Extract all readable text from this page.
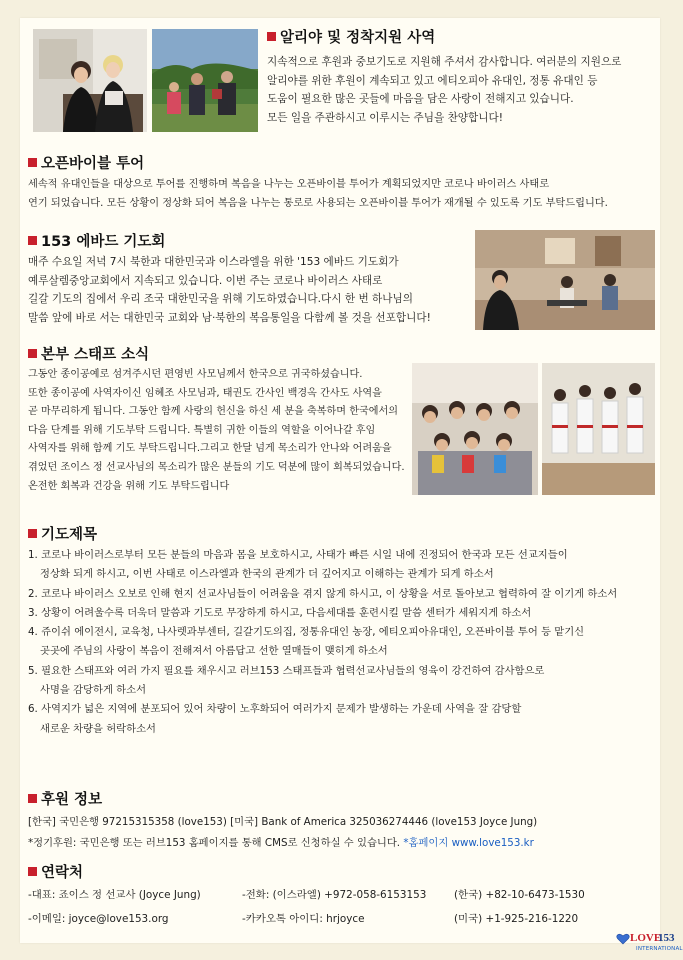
알리야 및 정착지원 사역
지속적으로 후원과 중보기도로 지원해 주셔서 감사합니다. 여러분의 지원으로
알리야를 위한 후원이 계속되고 있고 에티오피아 유대인, 정통 유대인 등
도움이 필요한 많은 곳들에 마음을 담은 사랑이 전해지고 있습니다.
모든 일을 주관하시고 이루시는 주님을 찬양합니다!
오픈바이블 투어
세속적 유대인들을 대상으로 투어를 진행하며 복음을 나누는 오픈바이블 투어가 계획되었지만 코로나 바이러스 사태로
연기 되었습니다. 모든 상황이 정상화 되어 복음을 나누는 통로로 사용되는 오픈바이블 투어가 재개될 수 있도록 기도 부탁드립니다.
153 에바드 기도회
매주 수요일 저녁 7시 북한과 대한민국과 이스라엘을 위한 '153 에바드 기도회가
예루살렘중앙교회에서 지속되고 있습니다. 이번 주는 코로나 바이러스 사태로
길갈 기도의 집에서 우리 조국 대한민국을 위해 기도하였습니다.다시 한 번 하나님의
말씀 앞에 바로 서는 대한민국 교회와 남·북한의 복음통일을 다함께 볼 것을 선포합니다!
본부 스태프 소식
그동안 종이공예로 섬겨주시던 편영빈 사모님께서 한국으로 귀국하셨습니다.
또한 종이공예 사역자이신 임혜조 사모님과, 태권도 간사인 백경옥 간사도 사역을
곧 마무리하게 됩니다. 그동안 함께 사랑의 헌신을 하신 세 분을 축복하며 한국에서의
다음 단계를 위해 기도부탁 드립니다. 특별히 귀한 이들의 역할을 이어나갈 후임
사역자를 위해 함께 기도 부탁드립니다.그리고 한달 넘게 목소리가 안나와 어려움을
겪었던 조이스 정 선교사님의 목소리가 많은 분들의 기도 덕분에 많이 회복되었습니다.
온전한 회복과 건강을 위해 기도 부탁드립니다
기도제목
1. 코로나 바이러스로부터 모든 분들의 마음과 몸을 보호하시고, 사태가 빠른 시일 내에 진정되어 한국과 모든 선교지들이
정상화 되게 하시고, 이번 사태로 이스라엘과 한국의 관계가 더 깊어지고 이해하는 관계가 되게 하소서
2. 코로나 바이러스 오보로 인해 현지 선교사님들이 어려움을 겪지 않게 하시고, 이 상황을 서로 돌아보고 협력하여 잘 이기게 하소서
3. 상황이 어려울수록 더욱더 말씀과 기도로 무장하게 하시고, 다음세대를 훈련시킬 말씀 센터가 세워지게 하소서
4. 쥬이쉬 에이전시, 교육청, 나사렛과부센터, 길갈기도의집, 정통유대인 농장, 에티오피아유대인, 오픈바이블 투어 등 맡기신
곳곳에 주님의 사랑이 복음이 전해져서 아름답고 선한 열매들이 맺히게 하소서
5. 필요한 스태프와 여러 가지 필요를 채우시고 러브153 스태프들과 협력선교사님들의 영육이 강건하여 감사함으로
사명을 감당하게 하소서
6. 사역지가 넓은 지역에 분포되어 있어 차량이 노후화되어 여러가지 문제가 발생하는 가운데 사역을 잘 감당할
새로운 차량을 허락하소서
후원 정보
[한국] 국민은행 97215315358 (love153) [미국] Bank of America 325036274446 (love153 Joyce Jung)
*정기후원: 국민은행 또는 러브153 홈페이지를 통해 CMS로 신청하실 수 있습니다. *홈페이지 www.love153.kr
연락처
-대표: 죠이스 정 선교사 (Joyce Jung)
-이메일: joyce@love153.org
-전화: (이스라엘) +972-058-6153153
-카카오톡 아이디: hrjoyce
(한국) +82-10-6473-1530
(미국) +1-925-216-1220
LOVE
153
INTERNATIONAL
